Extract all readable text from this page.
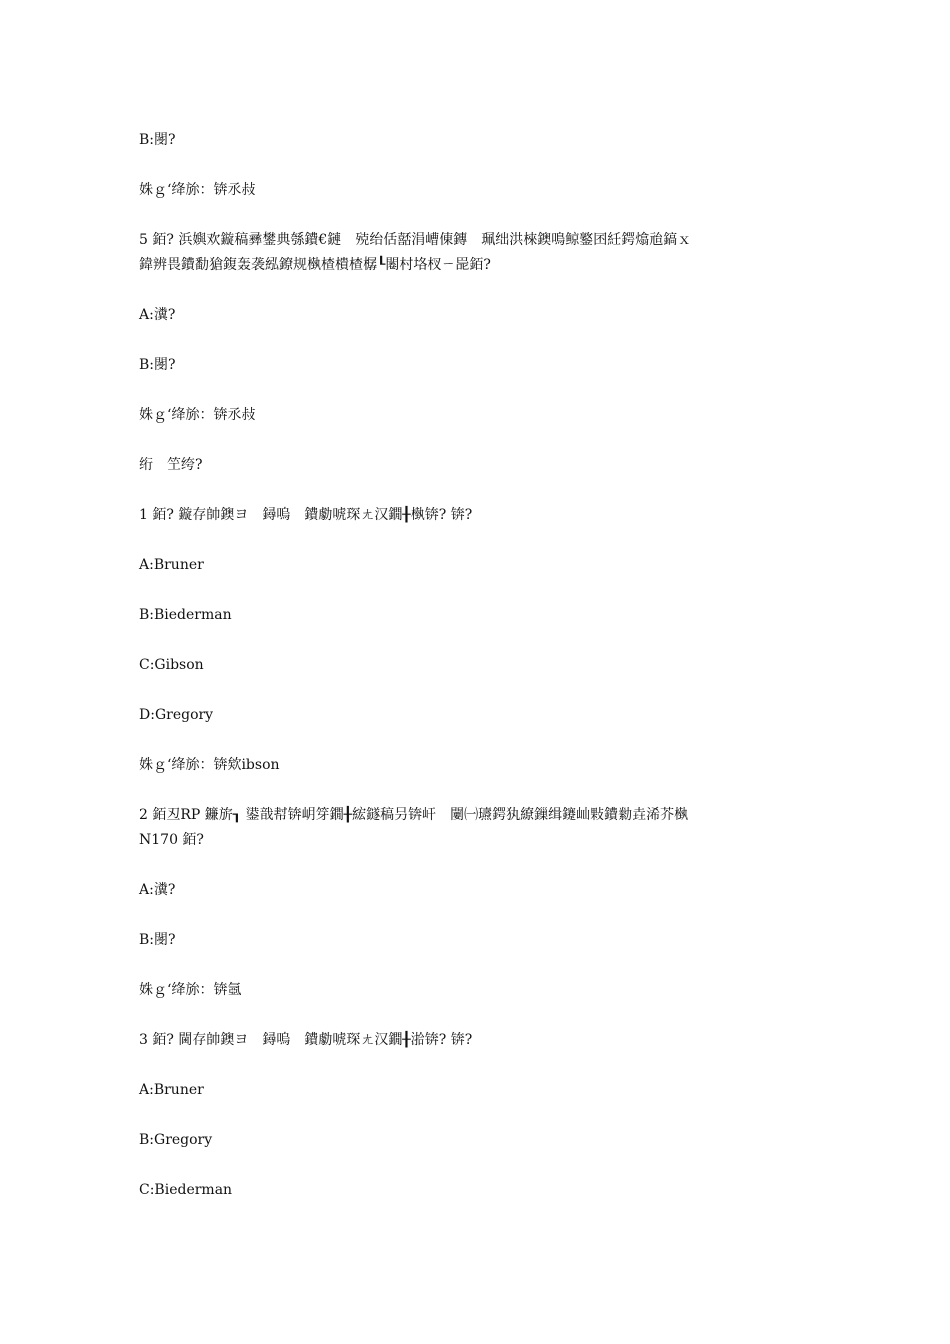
B:閿?

姝ｇ‘绛旀：锛氶敊

5 銆? 浜嬩欢鏇稿彞鐢典綔鐨€鏈　殑绐佸嚭涓嶆倲鏄　珮绌洪棶鐭鳴鲸鐜囨紝鍔熻兘鎬ｘ

鍏辨畏鐨勫獊鍑轰袭紭鐐规槸楂樻楂樼┖闂村垎杈ㄧ巼銆?

A:瀵?

B:閿?

姝ｇ‘绛旀：锛氶敊

绗　笁绔?

1 銆? 鏇存帥鐭ヨ　鐞嗚　鐨勮唬琛ㄤ汉鐗╂槸锛? 锛?

A:Bruner

B:Biederman

C:Gibson

D:Gregory

姝ｇ‘绛旀：锛欸ibson

2 銆丒RP 鐮旂┒ 鍙戠幇锛岄笌鐗╂綋鐩稿叧锛屽　闄㈠瓙鍔犱繚鏁缉鑳屾敤鐨勬垚浠芥槸

N170 銆?

A:瀵?

B:閿?

姝ｇ‘绛旀：锛氬

3 銆? 閫存帥鐭ヨ　鐞嗚　鐨勮唬琛ㄤ汉鐗╂湁锛? 锛?

A:Bruner

B:Gregory

C:Biederman
